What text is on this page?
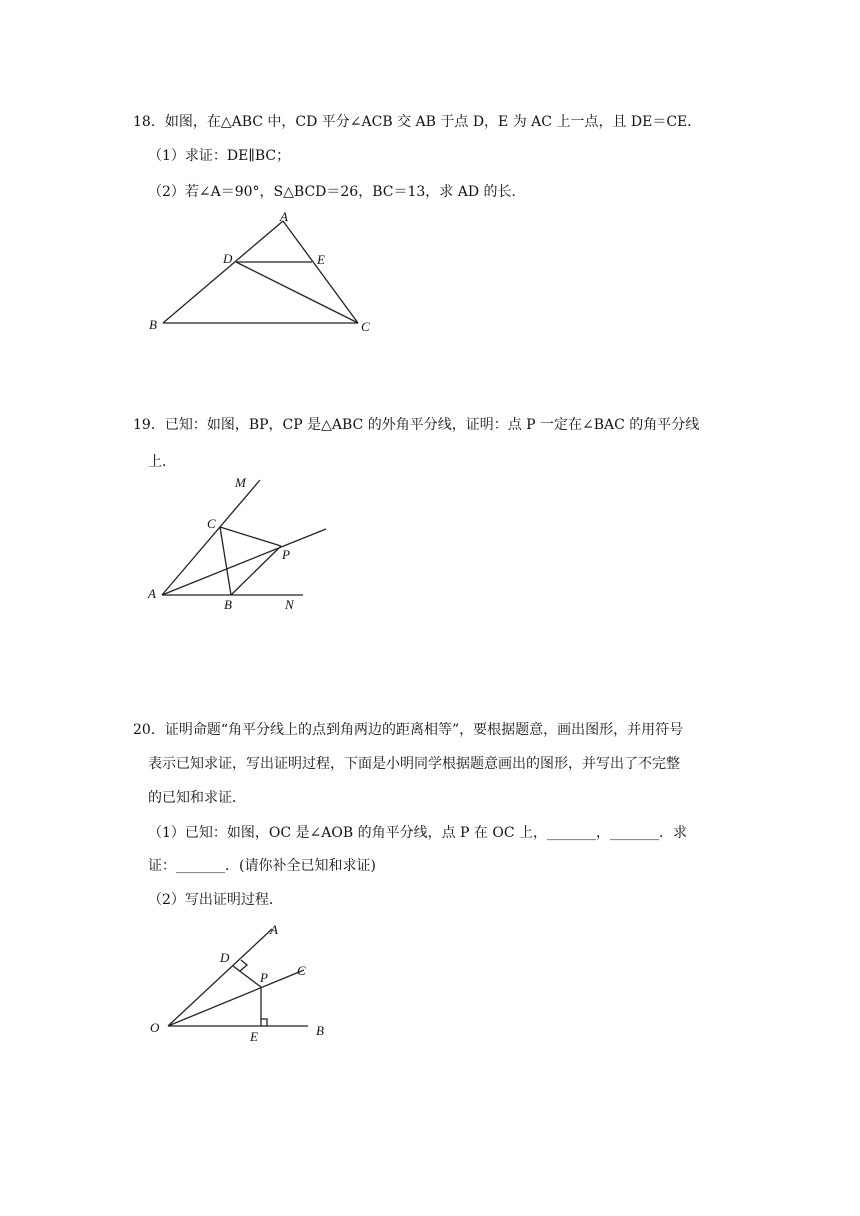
18．如图，在△ABC 中，CD 平分∠ACB 交 AB 于点 D，E 为 AC 上一点，且 DE＝CE．
（1）求证：DE∥BC；
（2）若∠A＝90°，S△BCD＝26，BC＝13，求 AD 的长．
A
D	E
B	C
19．已知：如图，BP，CP 是△ABC 的外角平分线，证明：点 P 一定在∠BAC 的角平分线
上．
M
C
P
A
B	N
20．证明命题“角平分线上的点到角两边的距离相等”，要根据题意，画出图形，并用符号
表示已知求证，写出证明过程，下面是小明同学根据题意画出的图形，并写出了不完整
的已知和求证．
（1）已知：如图，OC 是∠AOB 的角平分线，点 P 在 OC 上，_______，_______．求
证：_______．(请你补全已知和求证)
（2）写出证明过程．
A
D
P C
O
E	B
